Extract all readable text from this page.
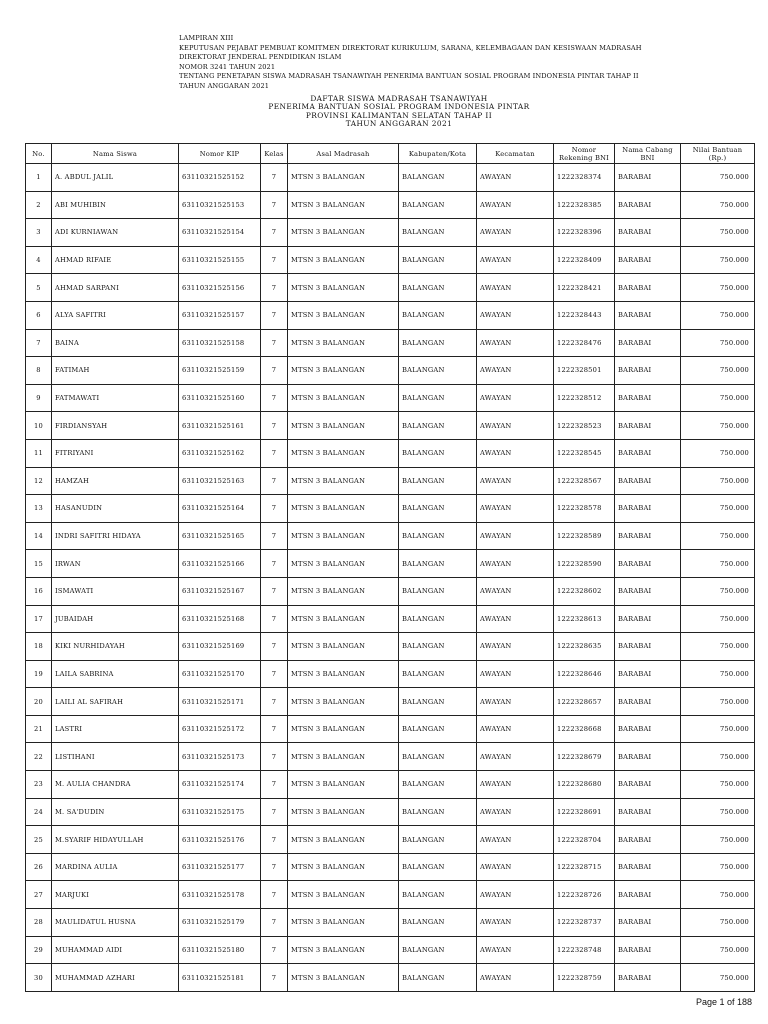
LAMPIRAN XIII
KEPUTUSAN PEJABAT PEMBUAT KOMITMEN DIREKTORAT KURIKULUM, SARANA, KELEMBAGAAN DAN KESISWAAN MADRASAH
DIREKTORAT JENDERAL PENDIDIKAN ISLAM
NOMOR 3241 TAHUN 2021
TENTANG PENETAPAN SISWA MADRASAH TSANAWIYAH PENERIMA BANTUAN SOSIAL PROGRAM INDONESIA PINTAR TAHAP II
TAHUN ANGGARAN 2021
DAFTAR SISWA MADRASAH TSANAWIYAH
PENERIMA BANTUAN SOSIAL PROGRAM INDONESIA PINTAR
PROVINSI KALIMANTAN SELATAN TAHAP II
TAHUN ANGGARAN 2021
No.	Nama Siswa	Nomor KIP	Kelas	Asal Madrasah	Kabupaten/Kota	Kecamatan	Nomor Rekening BNI	Nama Cabang BNI	Nilai Bantuan (Rp.)
1	A. ABDUL JALIL	63110321525152	7	MTSN 3 BALANGAN	BALANGAN	AWAYAN	1222328374	BARABAI	750.000
2	ABI MUHIBIN	63110321525153	7	MTSN 3 BALANGAN	BALANGAN	AWAYAN	1222328385	BARABAI	750.000
3	ADI KURNIAWAN	63110321525154	7	MTSN 3 BALANGAN	BALANGAN	AWAYAN	1222328396	BARABAI	750.000
4	AHMAD RIFAIE	63110321525155	7	MTSN 3 BALANGAN	BALANGAN	AWAYAN	1222328409	BARABAI	750.000
5	AHMAD SARPANI	63110321525156	7	MTSN 3 BALANGAN	BALANGAN	AWAYAN	1222328421	BARABAI	750.000
6	ALYA SAFITRI	63110321525157	7	MTSN 3 BALANGAN	BALANGAN	AWAYAN	1222328443	BARABAI	750.000
7	BAINA	63110321525158	7	MTSN 3 BALANGAN	BALANGAN	AWAYAN	1222328476	BARABAI	750.000
8	FATIMAH	63110321525159	7	MTSN 3 BALANGAN	BALANGAN	AWAYAN	1222328501	BARABAI	750.000
9	FATMAWATI	63110321525160	7	MTSN 3 BALANGAN	BALANGAN	AWAYAN	1222328512	BARABAI	750.000
10	FIRDIANSYAH	63110321525161	7	MTSN 3 BALANGAN	BALANGAN	AWAYAN	1222328523	BARABAI	750.000
11	FITRIYANI	63110321525162	7	MTSN 3 BALANGAN	BALANGAN	AWAYAN	1222328545	BARABAI	750.000
12	HAMZAH	63110321525163	7	MTSN 3 BALANGAN	BALANGAN	AWAYAN	1222328567	BARABAI	750.000
13	HASANUDIN	63110321525164	7	MTSN 3 BALANGAN	BALANGAN	AWAYAN	1222328578	BARABAI	750.000
14	INDRI SAFITRI HIDAYA	63110321525165	7	MTSN 3 BALANGAN	BALANGAN	AWAYAN	1222328589	BARABAI	750.000
15	IRWAN	63110321525166	7	MTSN 3 BALANGAN	BALANGAN	AWAYAN	1222328590	BARABAI	750.000
16	ISMAWATI	63110321525167	7	MTSN 3 BALANGAN	BALANGAN	AWAYAN	1222328602	BARABAI	750.000
17	JUBAIDAH	63110321525168	7	MTSN 3 BALANGAN	BALANGAN	AWAYAN	1222328613	BARABAI	750.000
18	KIKI NURHIDAYAH	63110321525169	7	MTSN 3 BALANGAN	BALANGAN	AWAYAN	1222328635	BARABAI	750.000
19	LAILA SABRINA	63110321525170	7	MTSN 3 BALANGAN	BALANGAN	AWAYAN	1222328646	BARABAI	750.000
20	LAILI AL SAFIRAH	63110321525171	7	MTSN 3 BALANGAN	BALANGAN	AWAYAN	1222328657	BARABAI	750.000
21	LASTRI	63110321525172	7	MTSN 3 BALANGAN	BALANGAN	AWAYAN	1222328668	BARABAI	750.000
22	LISTIHANI	63110321525173	7	MTSN 3 BALANGAN	BALANGAN	AWAYAN	1222328679	BARABAI	750.000
23	M. AULIA CHANDRA	63110321525174	7	MTSN 3 BALANGAN	BALANGAN	AWAYAN	1222328680	BARABAI	750.000
24	M. SA'DUDIN	63110321525175	7	MTSN 3 BALANGAN	BALANGAN	AWAYAN	1222328691	BARABAI	750.000
25	M.SYARIF HIDAYULLAH	63110321525176	7	MTSN 3 BALANGAN	BALANGAN	AWAYAN	1222328704	BARABAI	750.000
26	MARDINA AULIA	63110321525177	7	MTSN 3 BALANGAN	BALANGAN	AWAYAN	1222328715	BARABAI	750.000
27	MARJUKI	63110321525178	7	MTSN 3 BALANGAN	BALANGAN	AWAYAN	1222328726	BARABAI	750.000
28	MAULIDATUL HUSNA	63110321525179	7	MTSN 3 BALANGAN	BALANGAN	AWAYAN	1222328737	BARABAI	750.000
29	MUHAMMAD AIDI	63110321525180	7	MTSN 3 BALANGAN	BALANGAN	AWAYAN	1222328748	BARABAI	750.000
30	MUHAMMAD AZHARI	63110321525181	7	MTSN 3 BALANGAN	BALANGAN	AWAYAN	1222328759	BARABAI	750.000
Page 1 of 188
